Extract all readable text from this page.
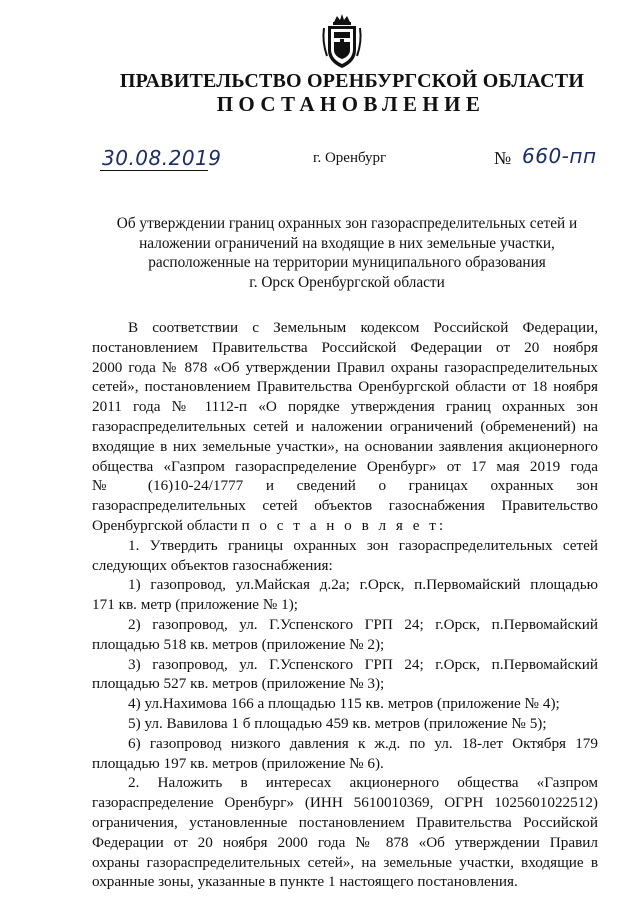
ПРАВИТЕЛЬСТВО ОРЕНБУРГСКОЙ ОБЛАСТИ
ПОСТАНОВЛЕНИЕ
30.08.2019	г. Оренбург	№ 660-пп
Об утверждении границ охранных зон газораспределительных сетей и
наложении ограничений на входящие в них земельные участки,
расположенные на территории муниципального образования
г. Орск Оренбургской области
В соответствии с Земельным кодексом Российской Федерации,
постановлением Правительства Российской Федерации от 20 ноября
2000 года № 878 «Об утверждении Правил охраны газораспределительных
сетей», постановлением Правительства Оренбургской области от 18 ноября
2011 года № 1112-п «О порядке утверждения границ охранных зон
газораспределительных сетей и наложении ограничений (обременений) на
входящие в них земельные участки», на основании заявления акционерного
общества «Газпром газораспределение Оренбург» от 17 мая 2019 года
№ (16)10-24/1777 и сведений о границах охранных зон
газораспределительных сетей объектов газоснабжения Правительство
Оренбургской области п о с т а н о в л я е т:
1. Утвердить границы охранных зон газораспределительных сетей
следующих объектов газоснабжения:
1) газопровод, ул.Майская д.2а; г.Орск, п.Первомайский площадью
171 кв. метр (приложение № 1);
2) газопровод, ул. Г.Успенского ГРП 24; г.Орск, п.Первомайский
площадью 518 кв. метров (приложение № 2);
3) газопровод, ул. Г.Успенского ГРП 24; г.Орск, п.Первомайский
площадью 527 кв. метров (приложение № 3);
4) ул.Нахимова 166 а площадью 115 кв. метров (приложение № 4);
5) ул. Вавилова 1 б площадью 459 кв. метров (приложение № 5);
6) газопровод низкого давления к ж.д. по ул. 18-лет Октября 179
площадью 197 кв. метров (приложение № 6).
2. Наложить в интересах акционерного общества «Газпром
газораспределение Оренбург» (ИНН 5610010369, ОГРН 1025601022512)
ограничения, установленные постановлением Правительства Российской
Федерации от 20 ноября 2000 года № 878 «Об утверждении Правил
охраны газораспределительных сетей», на земельные участки, входящие в
охранные зоны, указанные в пункте 1 настоящего постановления.
